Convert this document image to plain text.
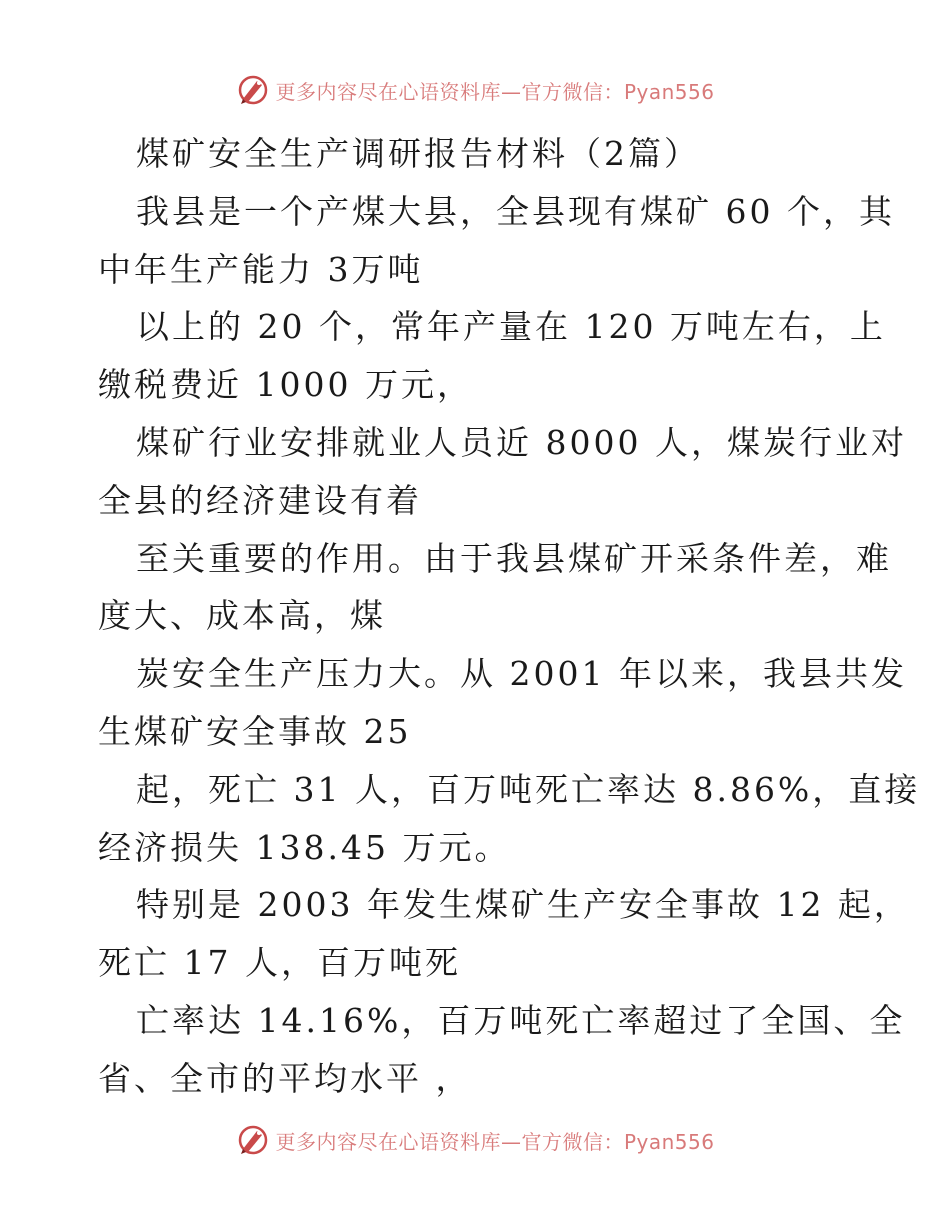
更多内容尽在心语资料库—官方微信：Pyan556
煤矿安全生产调研报告材料（2篇）
我县是一个产煤大县，全县现有煤矿 60 个，其
中年生产能力 3万吨
以上的 20 个，常年产量在 120 万吨左右，上
缴税费近 1000 万元，
煤矿行业安排就业人员近 8000 人，煤炭行业对
全县的经济建设有着
至关重要的作用。由于我县煤矿开采条件差，难
度大、成本高，煤
炭安全生产压力大。从 2001 年以来，我县共发
生煤矿安全事故 25
起，死亡 31 人，百万吨死亡率达 8.86%，直接
经济损失 138.45 万元。
特别是 2003 年发生煤矿生产安全事故 12 起，
死亡 17 人，百万吨死
亡率达 14.16%，百万吨死亡率超过了全国、全
省、全市的平均水平 ，
更多内容尽在心语资料库—官方微信：Pyan556
